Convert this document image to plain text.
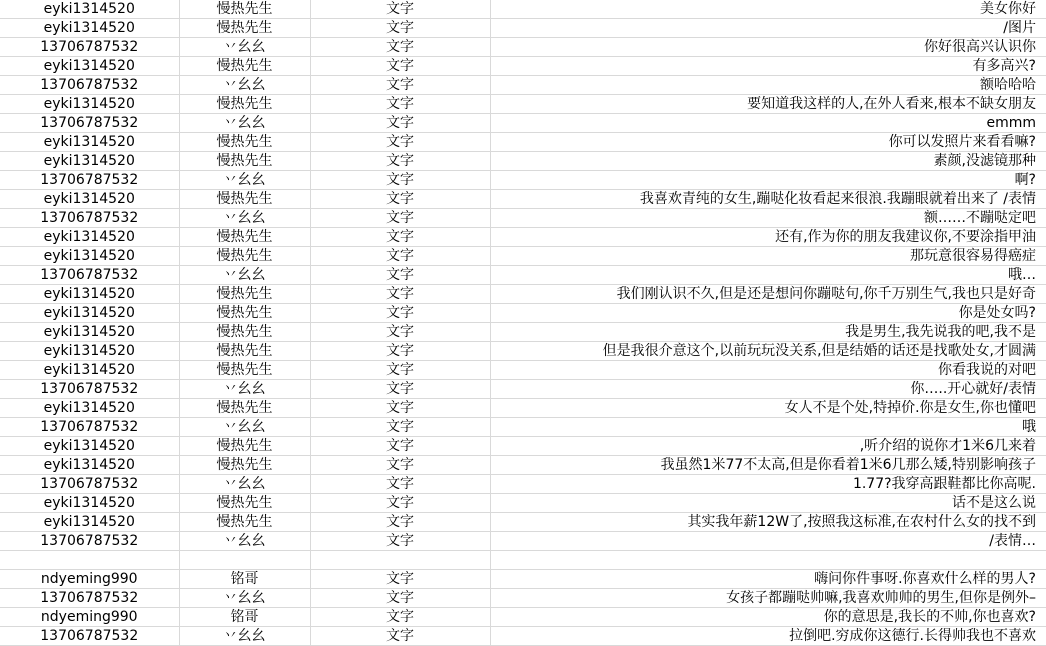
eyki1314520	慢热先生	文字	美女你好
eyki1314520	慢热先生	文字	/图片
13706787532	丷幺幺	文字	你好很高兴认识你
eyki1314520	慢热先生	文字	有多高兴?
13706787532	丷幺幺	文字	额哈哈哈
eyki1314520	慢热先生	文字	要知道我这样的人,在外人看来,根本不缺女朋友
13706787532	丷幺幺	文字	emmm
eyki1314520	慢热先生	文字	你可以发照片来看看嘛?
eyki1314520	慢热先生	文字	素颜,没滤镜那种
13706787532	丷幺幺	文字	啊?
eyki1314520	慢热先生	文字	我喜欢青纯的女生,蹦哒化妆看起来很浪.我蹦眼就着出来了 /表情
13706787532	丷幺幺	文字	额……不蹦哒定吧
eyki1314520	慢热先生	文字	还有,作为你的朋友我建议你,不要涂指甲油
eyki1314520	慢热先生	文字	那玩意很容易得癌症
13706787532	丷幺幺	文字	哦…
eyki1314520	慢热先生	文字	我们刚认识不久,但是还是想问你蹦哒句,你千万别生气,我也只是好奇
eyki1314520	慢热先生	文字	你是处女吗?
eyki1314520	慢热先生	文字	我是男生,我先说我的吧,我不是
eyki1314520	慢热先生	文字	但是我很介意这个,以前玩玩没关系,但是结婚的话还是找歌处女,才圆满
eyki1314520	慢热先生	文字	你看我说的对吧
13706787532	丷幺幺	文字	你…..开心就好/表情
eyki1314520	慢热先生	文字	女人不是个处,特掉价.你是女生,你也懂吧
13706787532	丷幺幺	文字	哦
eyki1314520	慢热先生	文字	,听介绍的说你才1米6几来着
eyki1314520	慢热先生	文字	我虽然1米77不太高,但是你看着1米6几那么矮,特别影响孩子
13706787532	丷幺幺	文字	1.77?我穿高跟鞋都比你高呢.
eyki1314520	慢热先生	文字	话不是这么说
eyki1314520	慢热先生	文字	其实我年薪12W了,按照我这标准,在农村什么女的找不到
13706787532	丷幺幺	文字	/表情…

ndyeming990	铭哥	文字	嗨问你件事呀.你喜欢什么样的男人?
13706787532	丷幺幺	文字	女孩子都蹦哒帅嘛,我喜欢帅帅的男生,但你是例外–
ndyeming990	铭哥	文字	你的意思是,我长的不帅,你也喜欢?
13706787532	丷幺幺	文字	拉倒吧.穷成你这德行.长得帅我也不喜欢
